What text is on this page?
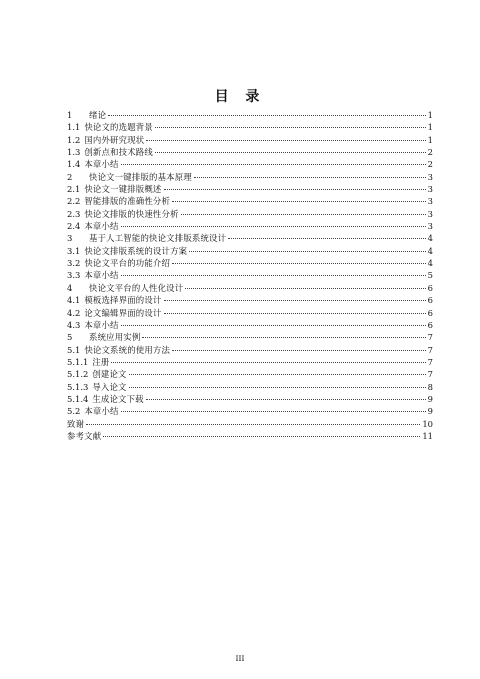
目 录
1	绪论	1
1.1 快论文的选题背景	1
1.2 国内外研究现状	1
1.3 创新点和技术路线	2
1.4 本章小结	2
2	快论文一键排版的基本原理	3
2.1 快论文一键排版概述	3
2.2 智能排版的准确性分析	3
2.3 快论文排版的快速性分析	3
2.4 本章小结	3
3	基于人工智能的快论文排版系统设计	4
3.1 快论文排版系统的设计方案	4
3.2 快论文平台的功能介绍	4
3.3 本章小结	5
4	快论文平台的人性化设计	6
4.1 模板选择界面的设计	6
4.2 论文编辑界面的设计	6
4.3 本章小结	6
5	系统应用实例	7
5.1 快论文系统的使用方法	7
5.1.1 注册	7
5.1.2 创建论文	7
5.1.3 导入论文	8
5.1.4 生成论文下载	9
5.2 本章小结	9
致谢	10
参考文献	11
III
